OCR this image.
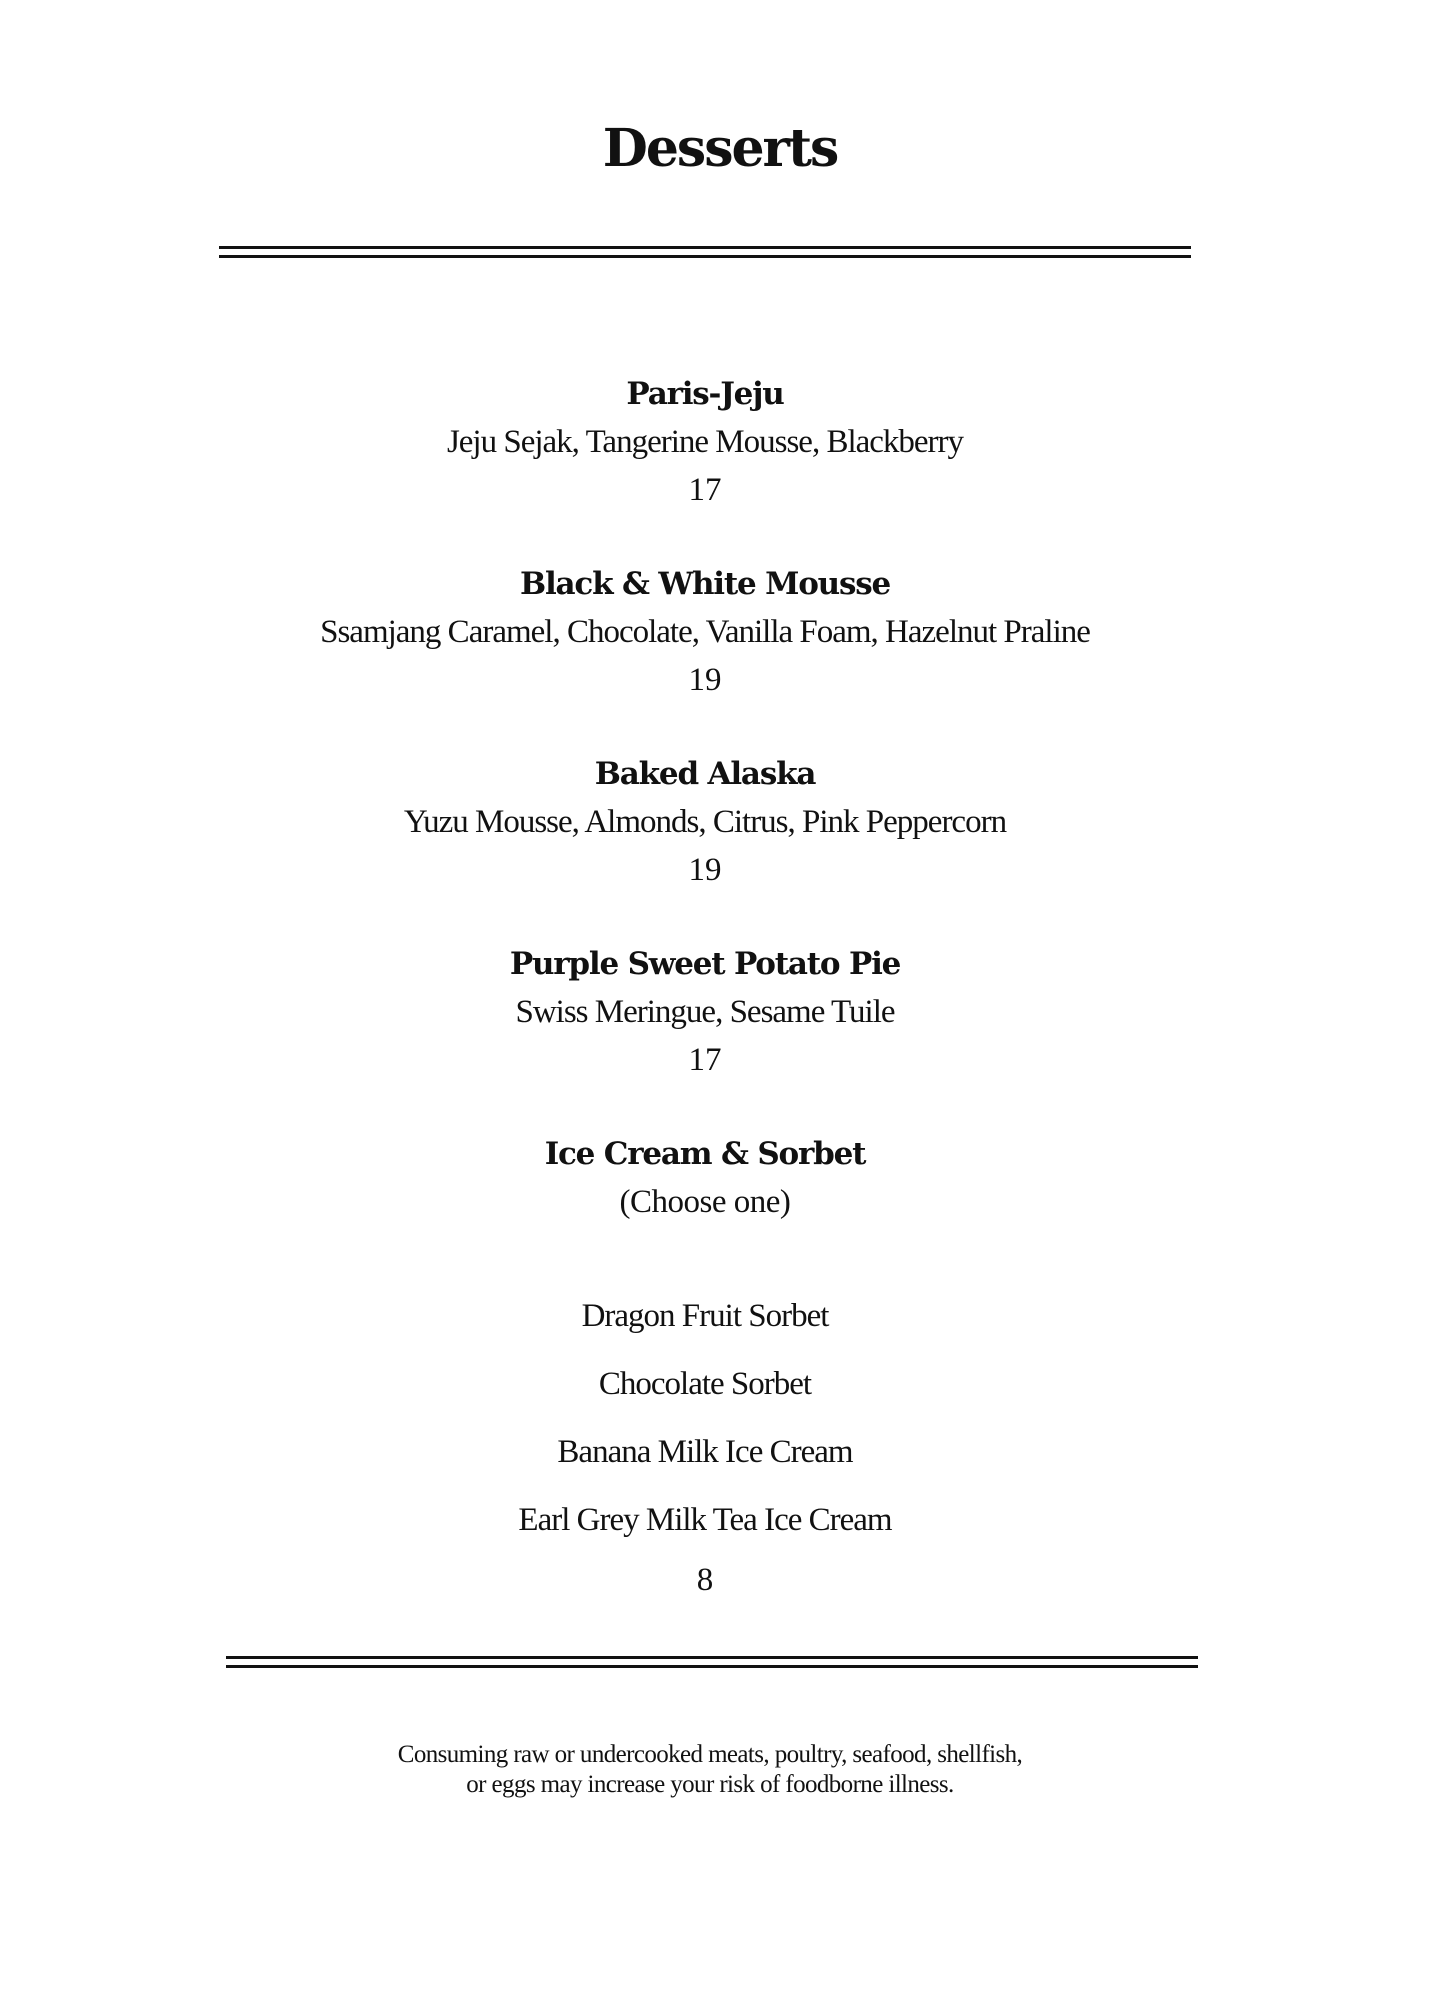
Desserts
Paris-Jeju
Jeju Sejak, Tangerine Mousse, Blackberry
17
Black & White Mousse
Ssamjang Caramel, Chocolate, Vanilla Foam, Hazelnut Praline
19
Baked Alaska
Yuzu Mousse, Almonds, Citrus, Pink Peppercorn
19
Purple Sweet Potato Pie
Swiss Meringue, Sesame Tuile
17
Ice Cream & Sorbet
(Choose one)
Dragon Fruit Sorbet
Chocolate Sorbet
Banana Milk Ice Cream
Earl Grey Milk Tea Ice Cream
8
Consuming raw or undercooked meats, poultry, seafood, shellfish,
or eggs may increase your risk of foodborne illness.
